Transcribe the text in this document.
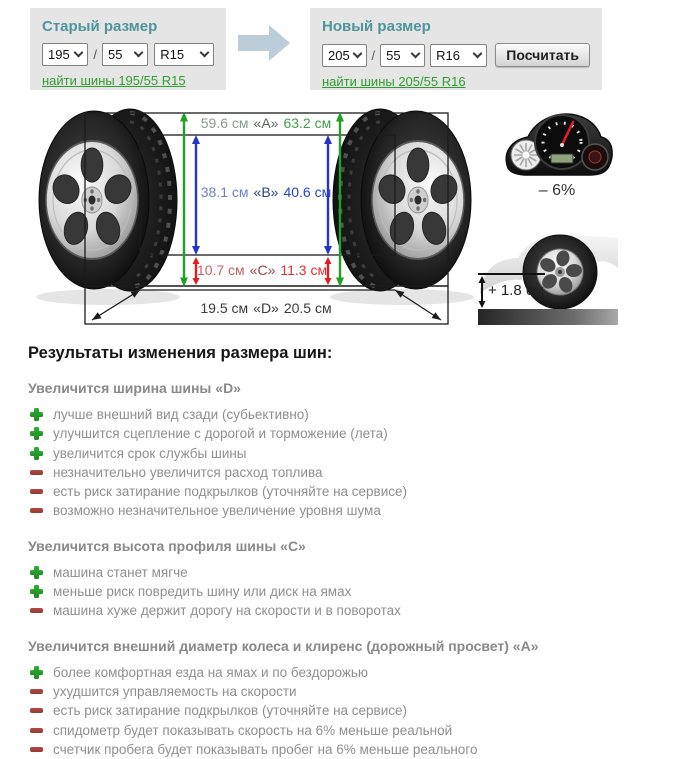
Старый размер
195 / 55	R15
найти шины 195/55 R15
Новый размер
205 / 55	R16	Посчитать
найти шины 205/55 R16
59.6 см «A» 63.2 см
38.1 см «B» 40.6 см
10.7 см «C» 11.3 см
19.5 см «D» 20.5 см
– 6%
+ 1.8 см
Результаты изменения размера шин:
Увеличится ширина шины «D»
лучше внешний вид сзади (субьективно)
улучшится сцепление с дорогой и торможение (лета)
увеличится срок службы шины
незначительно увеличится расход топлива
есть риск затирание подкрылков (уточняйте на сервисе)
возможно незначительное увеличение уровня шума
Увеличится высота профиля шины «C»
машина станет мягче
меньше риск повредить шину или диск на ямах
машина хуже держит дорогу на скорости и в поворотах
Увеличится внешний диаметр колеса и клиренс (дорожный просвет) «A»
более комфортная езда на ямах и по бездорожью
ухудшится управляемость на скорости
есть риск затирание подкрылков (уточняйте на сервисе)
спидометр будет показывать скорость на 6% меньше реальной
счетчик пробега будет показывать пробег на 6% меньше реального
